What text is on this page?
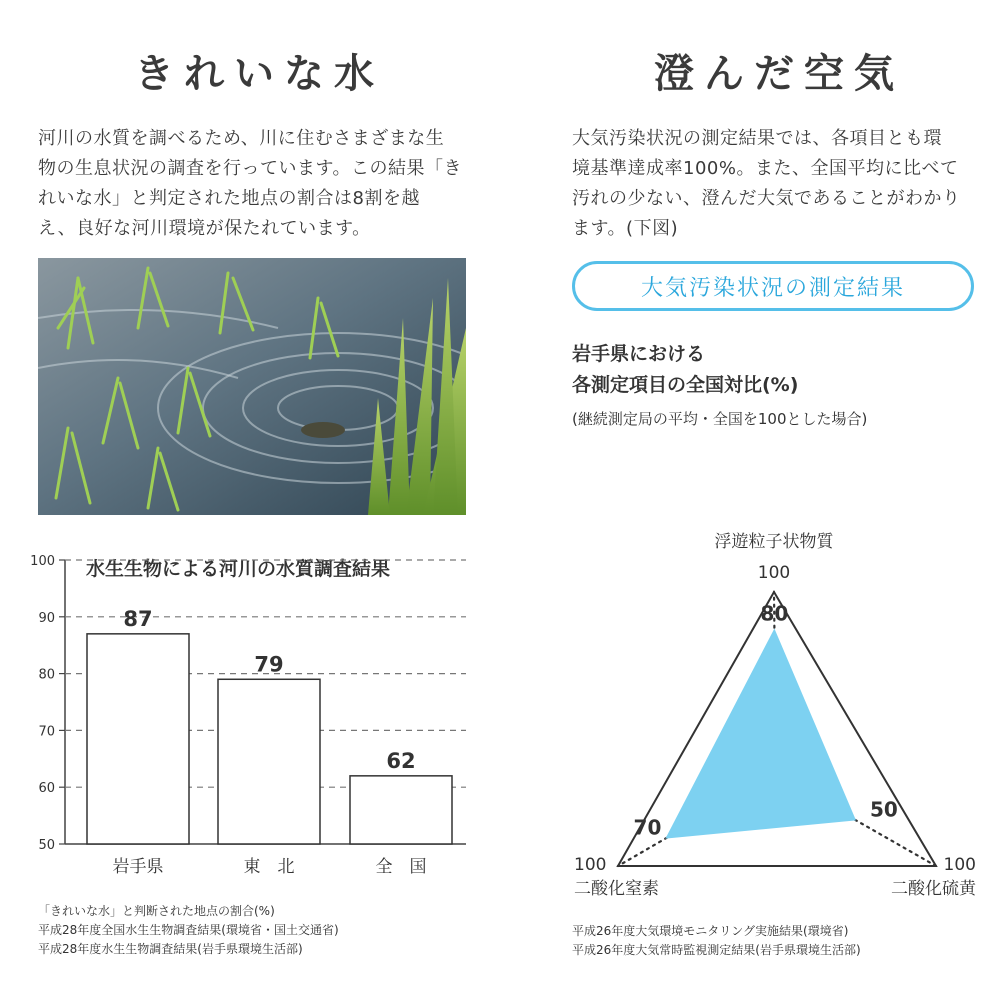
きれいな水

河川の水質を調べるため、川に住むさまざまな生

物の生息状況の調査を行っています。この結果「き

れいな水」と判定された地点の割合は8割を越

え、良好な河川環境が保たれています。

水生生物による河川の水質調査結果
50
60
70
80
90
100
87
岩手県
79
東　北
62
全　国

「きれいな水」と判断された地点の割合(%)

平成28年度全国水生生物調査結果(環境省・国土交通省)

平成28年度水生生物調査結果(岩手県環境生活部)

澄んだ空気

大気汚染状況の測定結果では、各項目とも環

境基準達成率100%。また、全国平均に比べて

汚れの少ない、澄んだ大気であることがわかり

ます。(下図)

大気汚染状況の測定結果
岩手県における
各測定項目の全国対比(%)
(継続測定局の平均・全国を100とした場合)
80
50
70
浮遊粒子状物質
100
100
二酸化硫黄
100
二酸化窒素

平成26年度大気環境モニタリング実施結果(環境省)

平成26年度大気常時監視測定結果(岩手県環境生活部)
